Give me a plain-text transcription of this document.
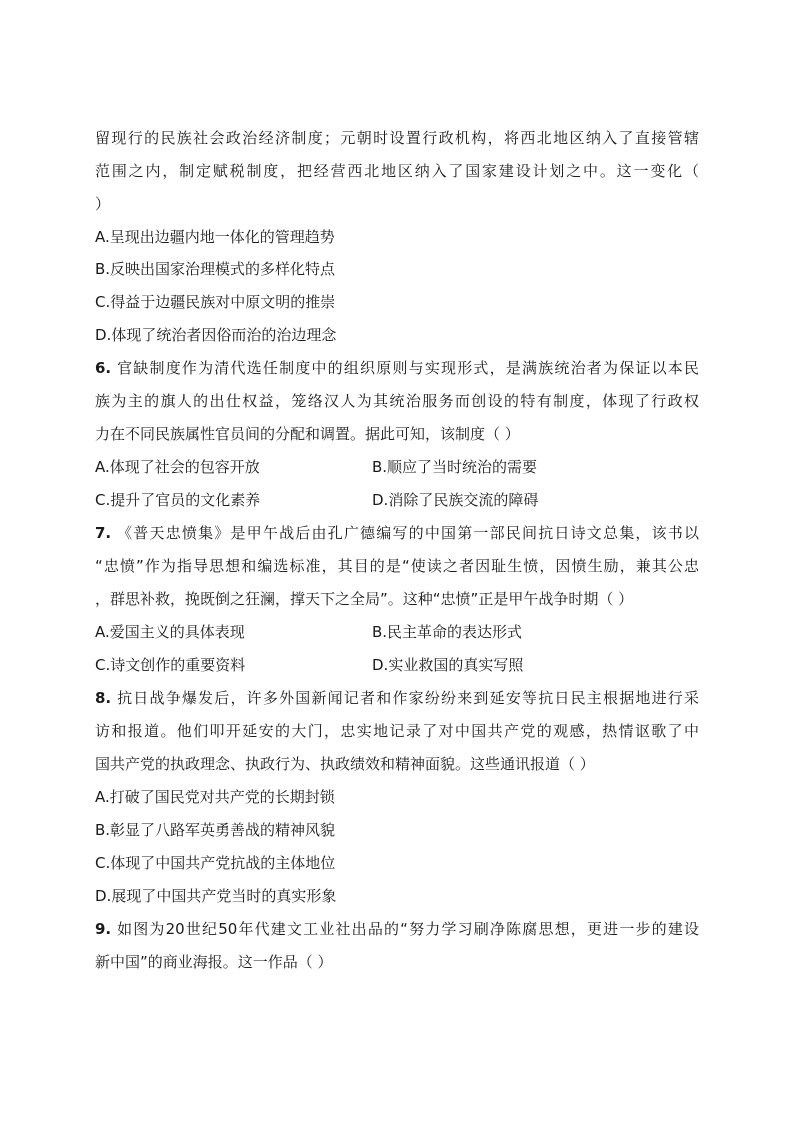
留现行的民族社会政治经济制度；元朝时设置行政机构，将西北地区纳入了直接管辖
范围之内，制定赋税制度，把经营西北地区纳入了国家建设计划之中。这一变化（
）
A.呈现出边疆内地一体化的管理趋势
B.反映出国家治理模式的多样化特点
C.得益于边疆民族对中原文明的推崇
D.体现了统治者因俗而治的治边理念
6. 官缺制度作为清代选任制度中的组织原则与实现形式，是满族统治者为保证以本民
族为主的旗人的出仕权益，笼络汉人为其统治服务而创设的特有制度，体现了行政权
力在不同民族属性官员间的分配和调置。据此可知，该制度（ ）
A.体现了社会的包容开放	B.顺应了当时统治的需要
C.提升了官员的文化素养	D.消除了民族交流的障碍
7. 《普天忠愤集》是甲午战后由孔广德编写的中国第一部民间抗日诗文总集，该书以
“忠愤”作为指导思想和编选标准，其目的是“使读之者因耻生愤，因愤生励，兼其公忠
，群思补救，挽既倒之狂澜，撑天下之全局”。这种“忠愤”正是甲午战争时期（ ）
A.爱国主义的具体表现	B.民主革命的表达形式
C.诗文创作的重要资料	D.实业救国的真实写照
8. 抗日战争爆发后，许多外国新闻记者和作家纷纷来到延安等抗日民主根据地进行采
访和报道。他们叩开延安的大门，忠实地记录了对中国共产党的观感，热情讴歌了中
国共产党的执政理念、执政行为、执政绩效和精神面貌。这些通讯报道（ ）
A.打破了国民党对共产党的长期封锁
B.彰显了八路军英勇善战的精神风貌
C.体现了中国共产党抗战的主体地位
D.展现了中国共产党当时的真实形象
9. 如图为20世纪50年代建文工业社出品的“努力学习刷净陈腐思想，更进一步的建设
新中国”的商业海报。这一作品（ ）
